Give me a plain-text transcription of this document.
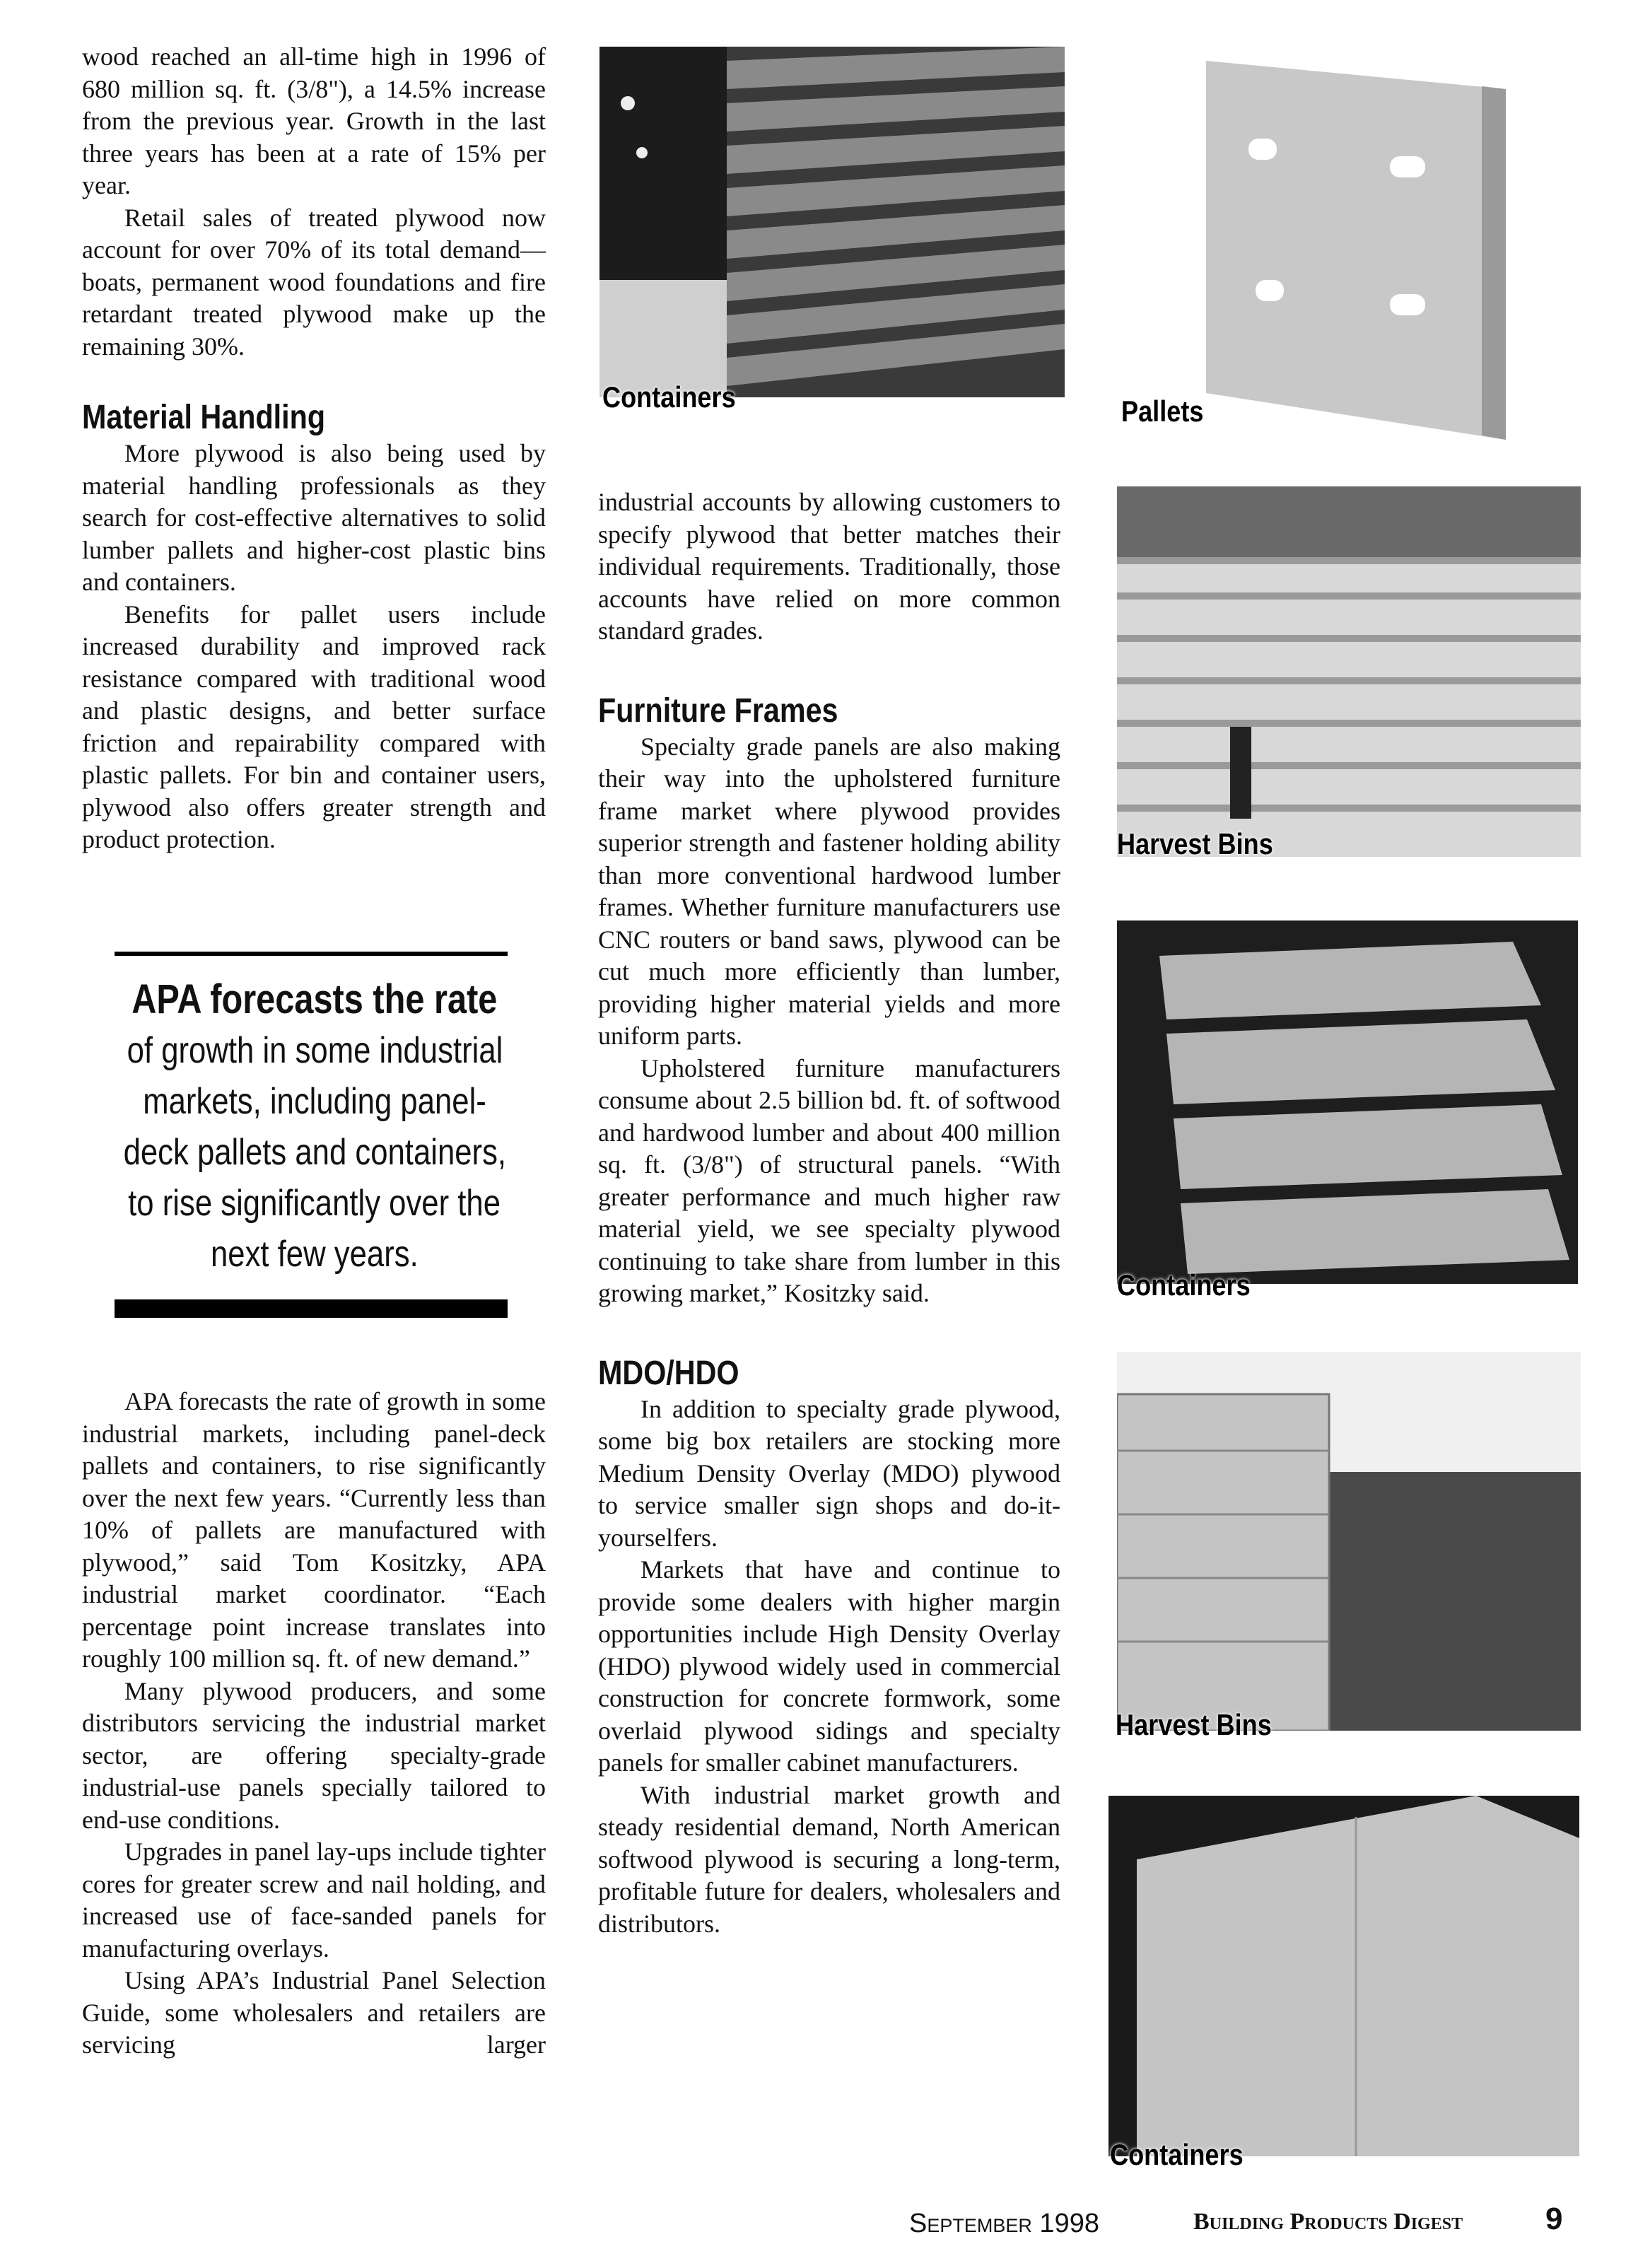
wood reached an all-time high in 1996 of 680 million sq. ft. (3/8"), a 14.5% increase from the previous year. Growth in the last three years has been at a rate of 15% per year.

Retail sales of treated plywood now account for over 70% of its total demand—boats, permanent wood foundations and fire retardant treated plywood make up the remaining 30%.

Material Handling

More plywood is also being used by material handling professionals as they search for cost-effective alternatives to solid lumber pallets and higher-cost plastic bins and containers.

Benefits for pallet users include increased durability and improved rack resistance compared with traditional wood and plastic designs, and better surface friction and repairability compared with plastic pallets. For bin and container users, plywood also offers greater strength and product protection.

APA forecasts the rate
of growth in some industrial
markets, including panel-
deck pallets and containers,
to rise significantly over the
next few years.

APA forecasts the rate of growth in some industrial markets, including panel-deck pallets and containers, to rise significantly over the next few years. “Currently less than 10% of pallets are manufactured with plywood,” said Tom Kositzky, APA industrial market coordinator. “Each percentage point increase translates into roughly 100 million sq. ft. of new demand.”

Many plywood producers, and some distributors servicing the industrial market sector, are offering specialty-grade industrial-use panels specially tailored to end-use conditions.

Upgrades in panel lay-ups include tighter cores for greater screw and nail holding, and increased use of face-sanded panels for manufacturing overlays.

Using APA’s Industrial Panel Selection Guide, some wholesalers and retailers are servicing larger

industrial accounts by allowing customers to specify plywood that better matches their individual requirements. Traditionally, those accounts have relied on more common standard grades.

Furniture Frames

Specialty grade panels are also making their way into the upholstered furniture frame market where plywood provides superior strength and fastener holding ability than more conventional hardwood lumber frames. Whether furniture manufacturers use CNC routers or band saws, plywood can be cut much more efficiently than lumber, providing higher material yields and more uniform parts.

Upholstered furniture manufacturers consume about 2.5 billion bd. ft. of softwood and hardwood lumber and about 400 million sq. ft. (3/8") of structural panels. “With greater performance and much higher raw material yield, we see specialty plywood continuing to take share from lumber in this growing market,” Kositzky said.

MDO/HDO

In addition to specialty grade plywood, some big box retailers are stocking more Medium Density Overlay (MDO) plywood to service smaller sign shops and do-it-yourselfers.

Markets that have and continue to provide some dealers with higher margin opportunities include High Density Overlay (HDO) plywood widely used in commercial construction for concrete formwork, some overlaid plywood sidings and specialty panels for smaller cabinet manufacturers.

With industrial market growth and steady residential demand, North American softwood plywood is securing a long-term, profitable future for dealers, wholesalers and distributors.

Containers	Pallets
Harvest Bins
Containers
Harvest Bins
Containers
September 1998	Building Products Digest	9
